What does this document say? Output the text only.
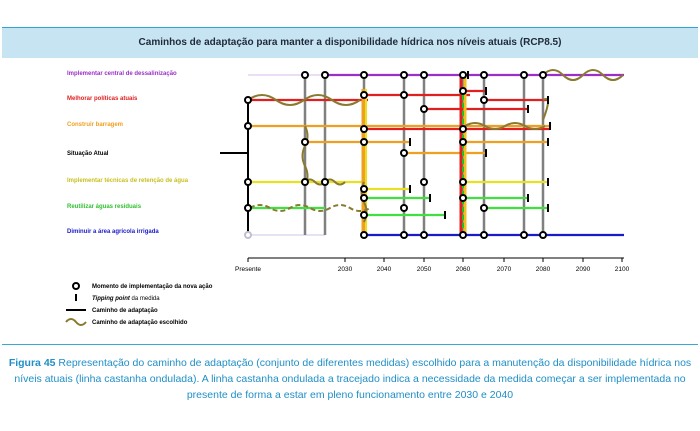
Caminhos de adaptação para manter a disponibilidade hídrica nos níveis atuais (RCP8.5)
Implementar central de dessalinização
Melhorar políticas atuais
Construir barragem
Situação Atual
Implementar técnicas de retenção de água
Reutilizar águas residuais
Diminuir a área agrícola irrigada
Presente	2030	2040	2050	2060	2070	2080	2090	2100
Momento de implementação da nova ação
Tipping point da medida
Caminho de adaptação
Caminho de adaptação escolhido
Figura 45 Representação do caminho de adaptação (conjunto de diferentes medidas) escolhido para a manutenção da disponibilidade hídrica nos níveis atuais (linha castanha ondulada). A linha castanha ondulada a tracejado indica a necessidade da medida começar a ser implementada no presente de forma a estar em pleno funcionamento entre 2030 e 2040
